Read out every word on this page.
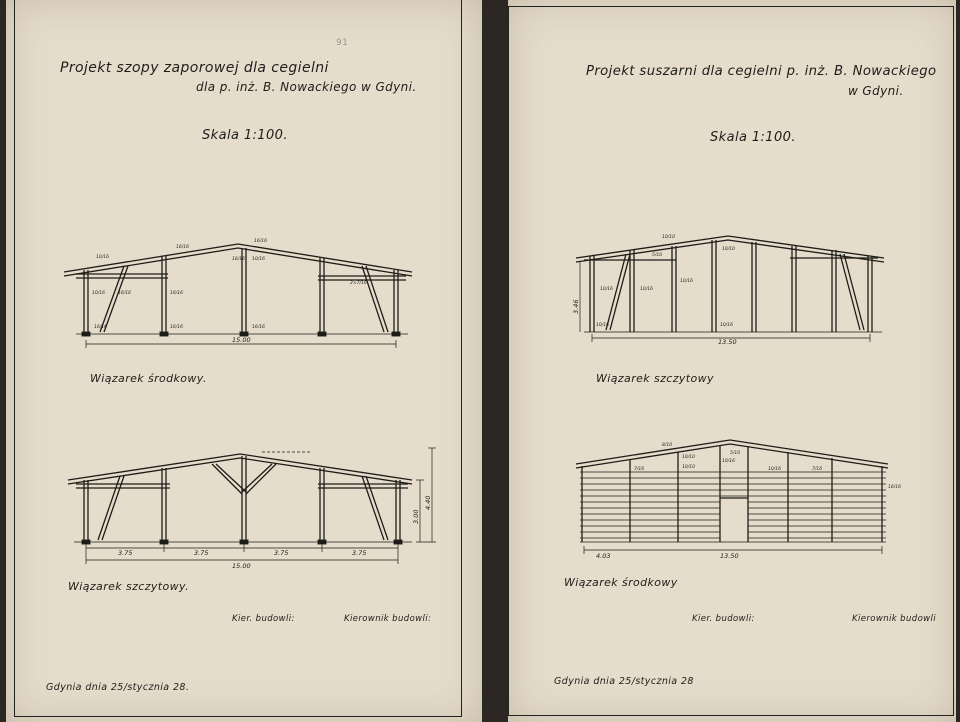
91
Projekt szopy zaporowej dla cegielni
dla p. inż. B. Nowackiego w Gdyni.
Skala 1:100.
10/16
16/16
16/16
16/16
10/16	16/16	16/16
10/16
2×7/16
16/16	16/16	16/16
15.00
Wiązarek środkowy.
3.75	3.75	3.75	3.75
15.00
3.00
4.40
Wiązarek szczytowy.
Kier. budowli:	Kierownik budowli:
Gdynia dnia 25/stycznia 28.
Projekt suszarni dla cegielni p. inż. B. Nowackiego
w Gdyni.
Skala 1:100.
10/10
10/10
5/10
10/16	10/16
10/16
10/16	10/16
13.50
3.46
Wiązarek szczytowy
8/10
5/10
7/16
10/10
10/10
10/16
10/16	7/16
16/16
13.50
4.03
Wiązarek środkowy
Kier. budowli:	Kierownik budowli
Gdynia dnia 25/stycznia 28
